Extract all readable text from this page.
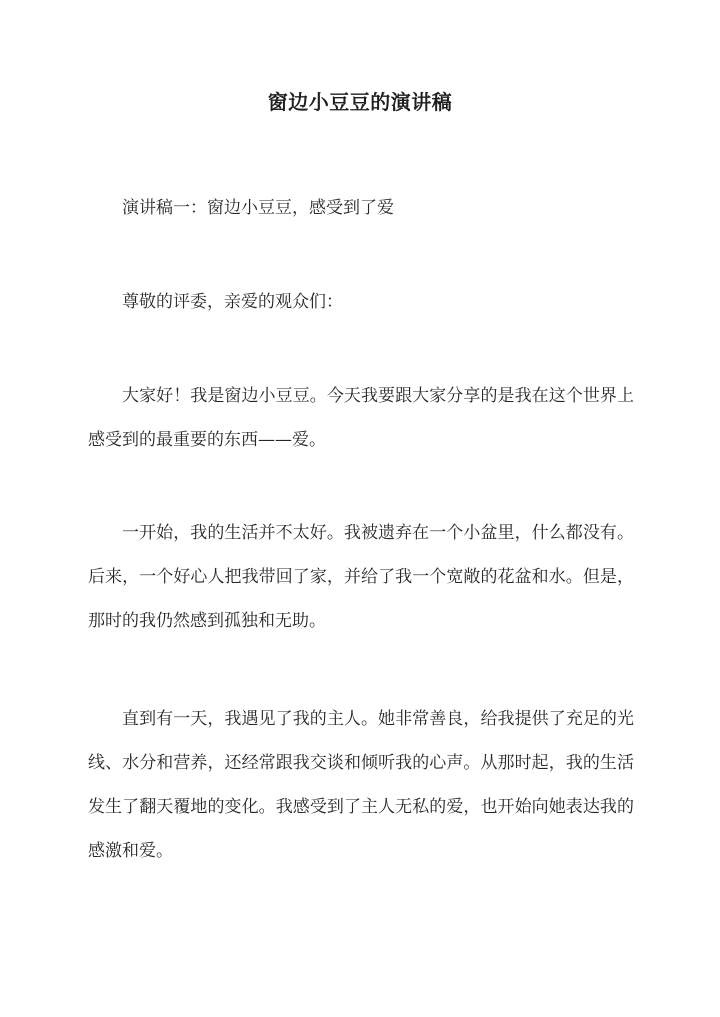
窗边小豆豆的演讲稿

演讲稿一：窗边小豆豆，感受到了爱

尊敬的评委，亲爱的观众们：

大家好！我是窗边小豆豆。今天我要跟大家分享的是我在这个世界上感受到的最重要的东西——爱。

一开始，我的生活并不太好。我被遗弃在一个小盆里，什么都没有。后来，一个好心人把我带回了家，并给了我一个宽敞的花盆和水。但是，那时的我仍然感到孤独和无助。

直到有一天，我遇见了我的主人。她非常善良，给我提供了充足的光线、水分和营养，还经常跟我交谈和倾听我的心声。从那时起，我的生活发生了翻天覆地的变化。我感受到了主人无私的爱，也开始向她表达我的感激和爱。
